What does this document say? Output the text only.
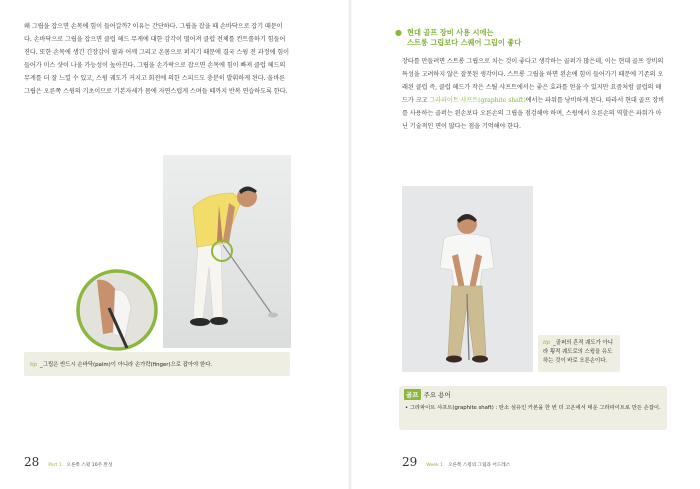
왜 그립을 잡으면 손목에 힘이 들어갈까? 이유는 간단하다. 그립을 잡을 때 손바닥으로 잡기 때문이다. 손바닥으로 그립을 잡으면 클럽 헤드 무게에 대한 감각이 떨어져 클럽 전체를 컨트롤하기 힘들어진다. 또한 손목에 생긴 긴장감이 팔과 어깨 그리고 온몸으로 퍼지기 때문에 결국 스윙 전 과정에 힘이 들어가 미스 샷이 나올 가능성이 높아진다. 그립을 손가락으로 잡으면 손목에 힘이 빠져 클럽 헤드의 무게를 더 잘 느낄 수 있고, 스윙 궤도가 커지고 회전에 의한 스피드도 충분히 발휘하게 된다. 올바른 그립은 오른쪽 스윙의 기초이므로 기본자세가 몸에 자연스럽게 스며들 때까지 반복 연습하도록 한다.

tip _그립은 반드시 손바닥(palm)이 아니라 손가락(finger)으로 잡아야 한다.
28 Part 1 오른쪽 스윙 10주 완성
● 현대 골프 장비 사용 시에는
스트롱 그립보다 스퀘어 그립이 좋다

장타를 만들려면 스트롱 그립으로 치는 것이 좋다고 생각하는 골퍼가 많은데, 이는 현대 골프 장비의 특성을 고려하지 않은 잘못된 생각이다. 스트롱 그립을 하면 왼손에 힘이 들어가기 때문에 기존의 오래된 클럽 즉, 클럽 헤드가 작은 스틸 샤프트에서는 좋은 효과를 얻을 수 있지만 요즘처럼 클럽의 헤드가 크고 그라파이트 샤프트(graphite shaft)에서는 파워를 낭비하게 된다. 따라서 현대 골프 장비를 사용하는 골퍼는 왼손보다 오른손의 그립을 점검해야 하며, 스윙에서 오른손의 역할은 파워가 아닌 기술적인 면이 많다는 점을 기억해야 한다.

tip _골퍼의 흔적 궤도가 아니라 횡적 궤도로의 스윙을 유도하는 것이 바로 오른손이다.

골프 주요 용어

• 그라파이트 샤프트(graphite shaft) : 탄소 섬유인 카본을 한 번 더 고온에서 태운 그라파이트로 만든 손잡이.

29 Week 1 오른쪽 스윙의 그립과 어드레스
